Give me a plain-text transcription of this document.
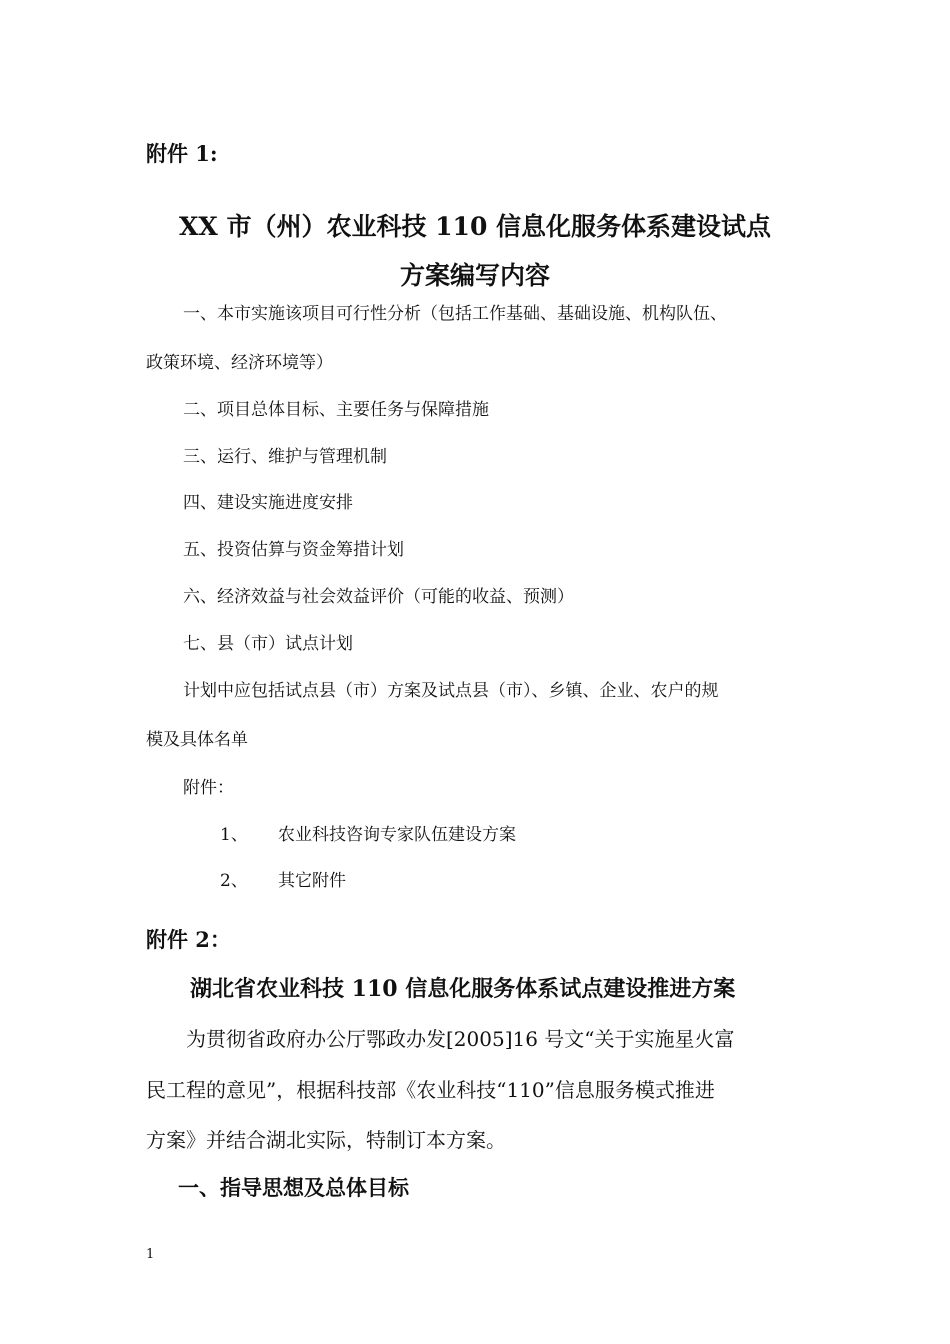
附件 1:
XX 市（州）农业科技 110 信息化服务体系建设试点
方案编写内容
一、本市实施该项目可行性分析（包括工作基础、基础设施、机构队伍、
政策环境、经济环境等）
二、项目总体目标、主要任务与保障措施
三、运行、维护与管理机制
四、建设实施进度安排
五、投资估算与资金筹措计划
六、经济效益与社会效益评价（可能的收益、预测）
七、县（市）试点计划
计划中应包括试点县（市）方案及试点县（市）、乡镇、企业、农户的规
模及具体名单
附件：
1、 农业科技咨询专家队伍建设方案
2、 其它附件
附件 2：
湖北省农业科技 110 信息化服务体系试点建设推进方案
为贯彻省政府办公厅鄂政办发[2005]16 号文“关于实施星火富
民工程的意见”，根据科技部《农业科技“110”信息服务模式推进
方案》并结合湖北实际，特制订本方案。
一、指导思想及总体目标
1
